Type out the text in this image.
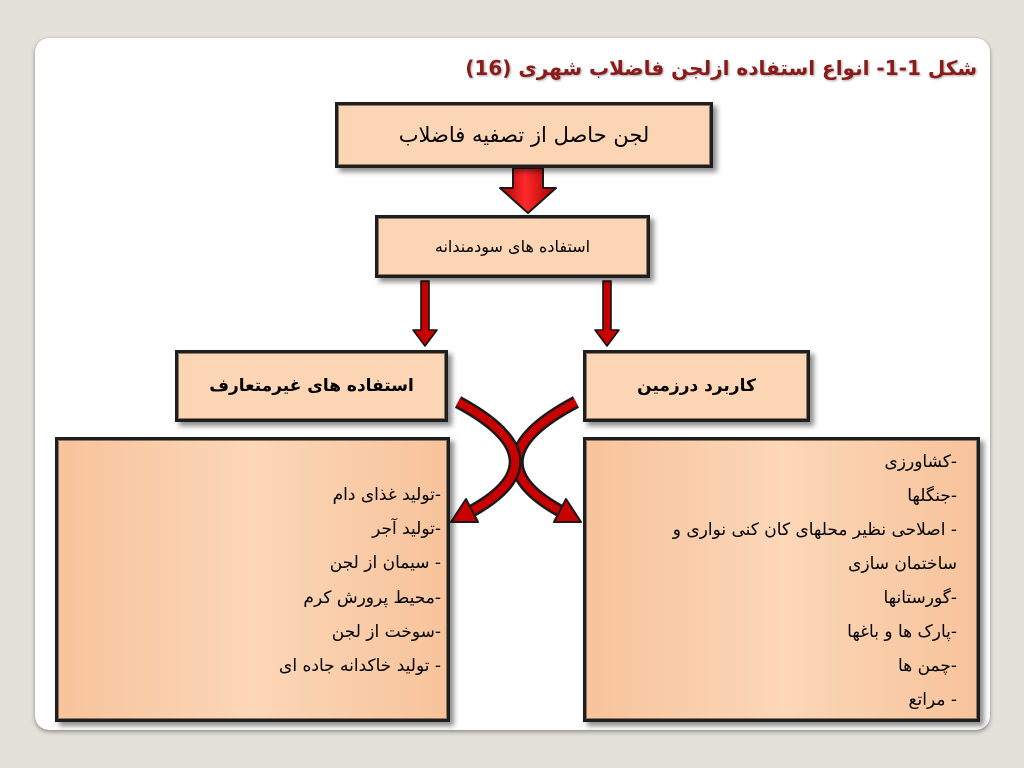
شکل 1-1- انواع استفاده ازلجن فاضلاب شهری (16)
لجن حاصل از تصفیه فاضلاب
استفاده های سودمندانه
استفاده های غیرمتعارف	کاربرد درزمین
-تولید غذای دام
-تولید آجر
- سیمان از لجن
-محیط پرورش کرم
-سوخت از لجن
- تولید خاکدانه جاده ای
-کشاورزی
-جنگلها
- اصلاحی نظیر محلهای کان کنی نواری و
ساختمان سازی
-گورستانها
-پارک ها و باغها
-چمن ها
- مراتع
